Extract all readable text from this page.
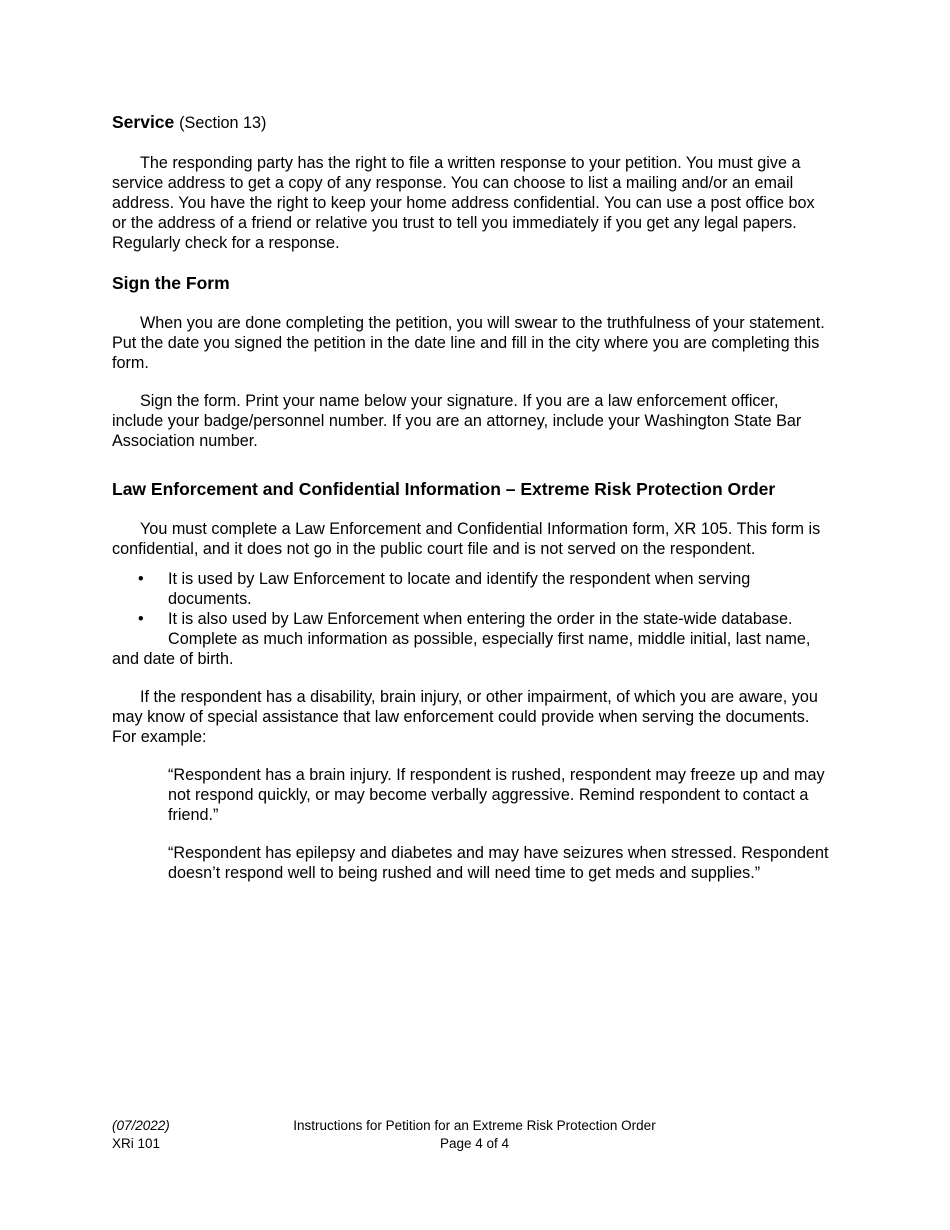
Service (Section 13)

The responding party has the right to file a written response to your petition. You must give a service address to get a copy of any response. You can choose to list a mailing and/or an email address. You have the right to keep your home address confidential. You can use a post office box or the address of a friend or relative you trust to tell you immediately if you get any legal papers. Regularly check for a response.

Sign the Form

When you are done completing the petition, you will swear to the truthfulness of your statement. Put the date you signed the petition in the date line and fill in the city where you are completing this form.

Sign the form. Print your name below your signature. If you are a law enforcement officer, include your badge/personnel number. If you are an attorney, include your Washington State Bar Association number.

Law Enforcement and Confidential Information – Extreme Risk Protection Order

You must complete a Law Enforcement and Confidential Information form, XR 105. This form is confidential, and it does not go in the public court file and is not served on the respondent.

• It is used by Law Enforcement to locate and identify the respondent when serving documents.
• It is also used by Law Enforcement when entering the order in the state-wide database.

Complete as much information as possible, especially first name, middle initial, last name, and date of birth.

If the respondent has a disability, brain injury, or other impairment, of which you are aware, you may know of special assistance that law enforcement could provide when serving the documents. For example:

“Respondent has a brain injury. If respondent is rushed, respondent may freeze up and may not respond quickly, or may become verbally aggressive. Remind respondent to contact a friend.”

“Respondent has epilepsy and diabetes and may have seizures when stressed. Respondent doesn’t respond well to being rushed and will need time to get meds and supplies.”

(07/2022)
XRi 101
Instructions for Petition for an Extreme Risk Protection Order
Page 4 of 4
